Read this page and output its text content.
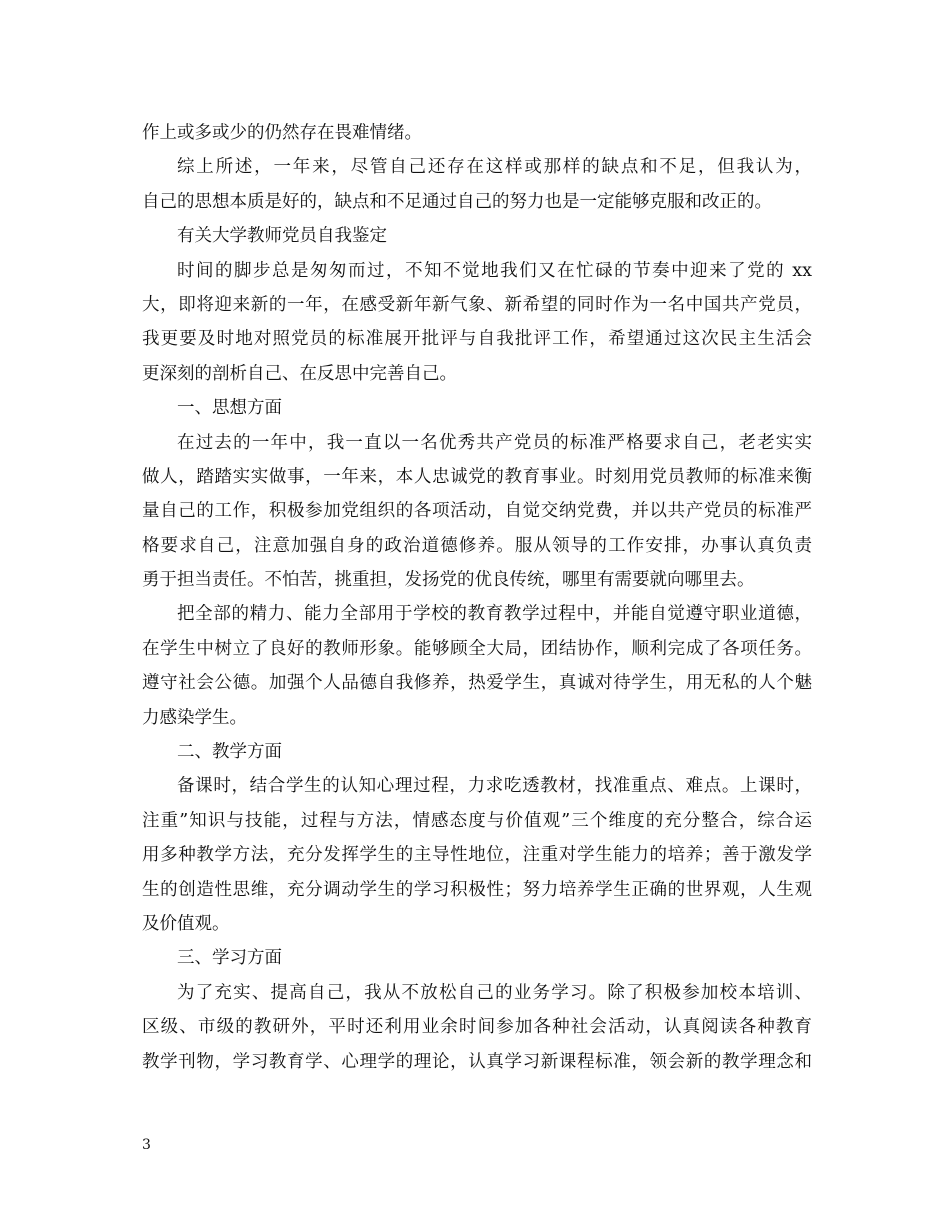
作上或多或少的仍然存在畏难情绪。
综上所述，一年来，尽管自己还存在这样或那样的缺点和不足，但我认为，
自己的思想本质是好的，缺点和不足通过自己的努力也是一定能够克服和改正的。
有关大学教师党员自我鉴定
时间的脚步总是匆匆而过，不知不觉地我们又在忙碌的节奏中迎来了党的 xx
大，即将迎来新的一年，在感受新年新气象、新希望的同时作为一名中国共产党员，
我更要及时地对照党员的标准展开批评与自我批评工作，希望通过这次民主生活会
更深刻的剖析自己、在反思中完善自己。
一、思想方面
在过去的一年中，我一直以一名优秀共产党员的标准严格要求自己，老老实实
做人，踏踏实实做事，一年来，本人忠诚党的教育事业。时刻用党员教师的标准来衡
量自己的工作，积极参加党组织的各项活动，自觉交纳党费，并以共产党员的标准严
格要求自己，注意加强自身的政治道德修养。服从领导的工作安排，办事认真负责
勇于担当责任。不怕苦，挑重担，发扬党的优良传统，哪里有需要就向哪里去。
把全部的精力、能力全部用于学校的教育教学过程中，并能自觉遵守职业道德，
在学生中树立了良好的教师形象。能够顾全大局，团结协作，顺利完成了各项任务。
遵守社会公德。加强个人品德自我修养，热爱学生，真诚对待学生，用无私的人个魅
力感染学生。
二、教学方面
备课时，结合学生的认知心理过程，力求吃透教材，找准重点、难点。上课时，
注重”知识与技能，过程与方法，情感态度与价值观”三个维度的充分整合，综合运
用多种教学方法，充分发挥学生的主导性地位，注重对学生能力的培养；善于激发学
生的创造性思维，充分调动学生的学习积极性；努力培养学生正确的世界观，人生观
及价值观。
三、学习方面
为了充实、提高自己，我从不放松自己的业务学习。除了积极参加校本培训、
区级、市级的教研外，平时还利用业余时间参加各种社会活动，认真阅读各种教育
教学刊物，学习教育学、心理学的理论，认真学习新课程标准，领会新的教学理念和
3
